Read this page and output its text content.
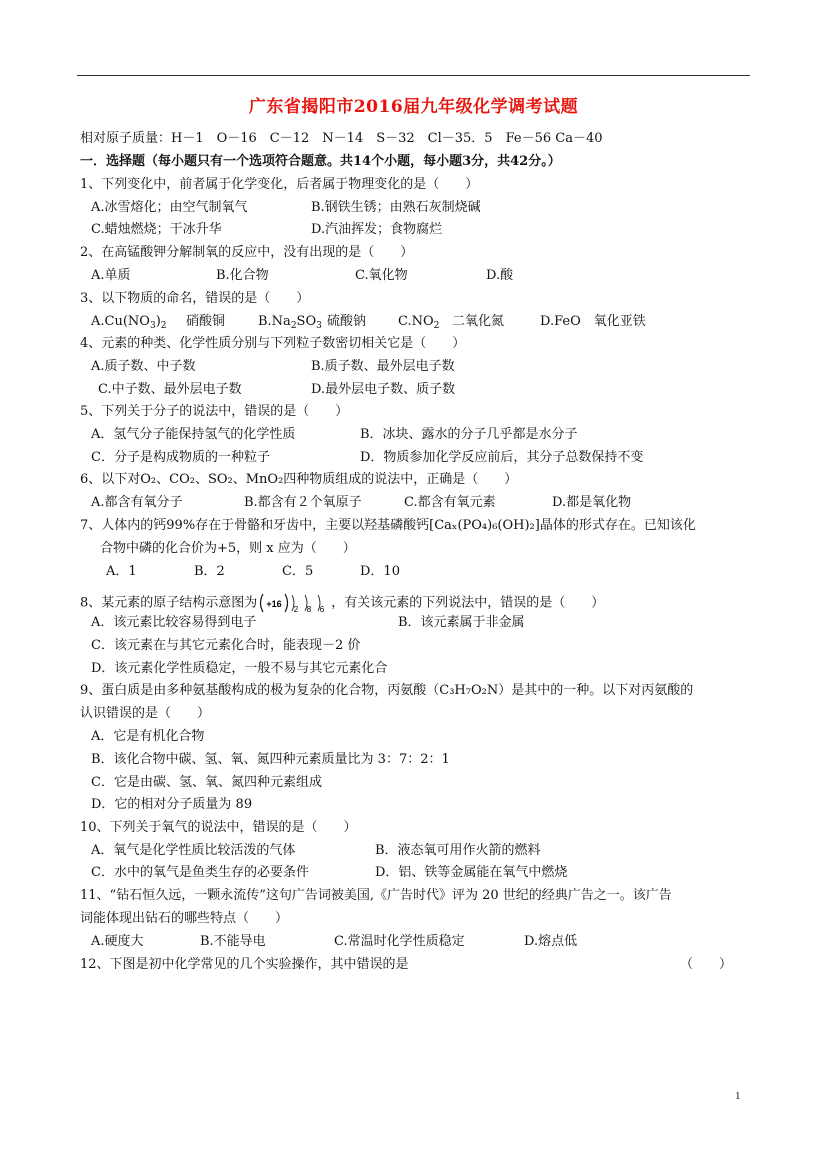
广东省揭阳市2016届九年级化学调考试题
相对原子质量：H－1　O－16　C－12　N－14　S－32　Cl－35．5　Fe－56 Ca－40
一．选择题（每小题只有一个选项符合题意。共14个小题，每小题3分，共42分。）
1、下列变化中，前者属于化学变化，后者属于物理变化的是（　　）
A.冰雪熔化；由空气制氧气	B.钢铁生锈；由熟石灰制烧碱
C.蜡烛燃烧；干冰升华	D.汽油挥发；食物腐烂
2、在高锰酸钾分解制氧的反应中，没有出现的是（　　）
A.单质	B.化合物	C.氧化物	D.酸
3、以下物质的命名，错误的是（　　）
$A.Cu(NO_3)_2$ 硝酸铜	$B.Na_2SO_3$ 硫酸钠 $C.NO_2$ 二氧化氮	D.FeO　氧化亚铁
4、元素的种类、化学性质分别与下列粒子数密切相关它是（　　）
A.质子数、中子数	B.质子数、最外层电子数
C.中子数、最外层电子数	D.最外层电子数、质子数
5、下列关于分子的说法中，错误的是（　　）
A．氢气分子能保持氢气的化学性质	B．冰块、露水的分子几乎都是水分子
C．分子是构成物质的一种粒子	D．物质参加化学反应前后，其分子总数保持不变
6、以下对O₂、CO₂、SO₂、MnO₂四种物质组成的说法中，正确是（　　）
A.都含有氧分子	B.都含有２个氧原子	C.都含有氧元素	D.都是氧化物
7、人体内的钙99%存在于骨骼和牙齿中，主要以羟基磷酸钙[Caₓ(PO₄)₆(OH)₂]晶体的形式存在。已知该化
合物中磷的化合价为+5，则 x 应为（　　）
A．1	B．2	C．5	D．10
8、某元素的原子结构示意图为 +16
2 8 6 ，有关该元素的下列说法中，错误的是（　　）
A．该元素比较容易得到电子	B．该元素属于非金属
C．该元素在与其它元素化合时，能表现－2 价
D．该元素化学性质稳定，一般不易与其它元素化合
9、蛋白质是由多种氨基酸构成的极为复杂的化合物，丙氨酸（C₃H₇O₂N）是其中的一种。以下对丙氨酸的
认识错误的是（　　）
A．它是有机化合物
B．该化合物中碳、氢、氧、氮四种元素质量比为 3：7：2：1
C．它是由碳、氢、氧、氮四种元素组成
D．它的相对分子质量为 89
10、下列关于氧气的说法中，错误的是（　　）
A．氧气是化学性质比较活泼的气体	B．液态氧可用作火箭的燃料
C．水中的氧气是鱼类生存的必要条件	D．铝、铁等金属能在氧气中燃烧
11、“钻石恒久远，一颗永流传”这句广告词被美国,《广告时代》评为 20 世纪的经典广告之一。该广告
词能体现出钻石的哪些特点（　　）
A.硬度大	B.不能导电	C.常温时化学性质稳定	D.熔点低
12、下图是初中化学常见的几个实验操作，其中错误的是	（　　）
1
